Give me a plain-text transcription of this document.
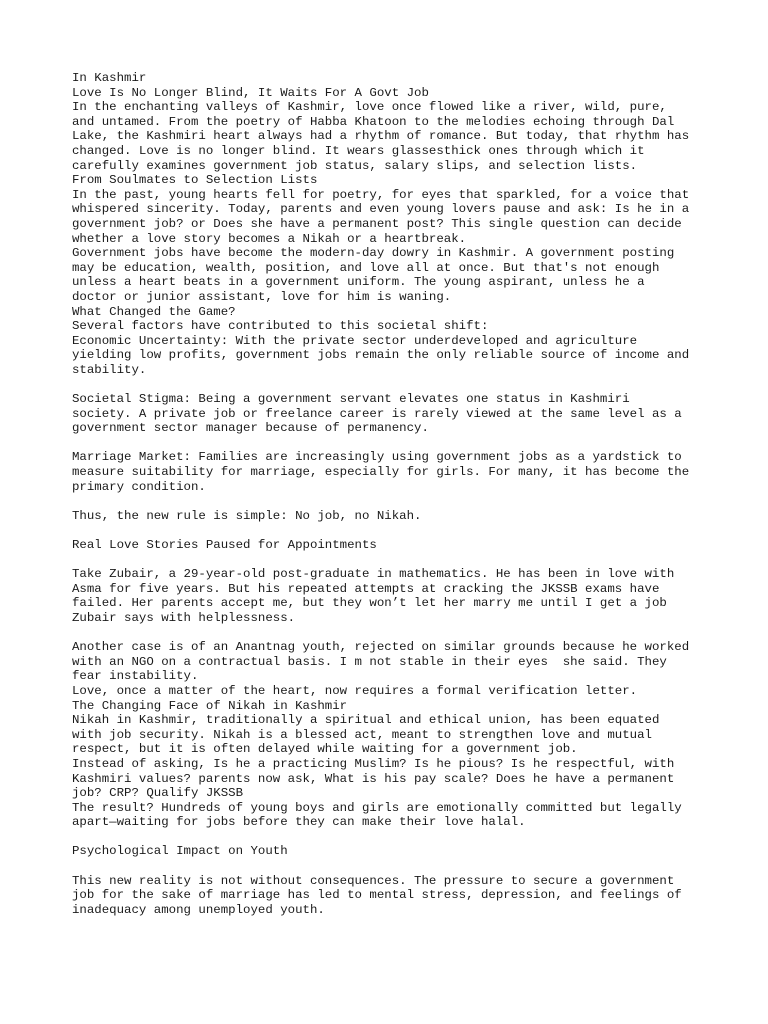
In Kashmir
Love Is No Longer Blind, It Waits For A Govt Job
In the enchanting valleys of Kashmir, love once flowed like a river, wild, pure,
and untamed. From the poetry of Habba Khatoon to the melodies echoing through Dal
Lake, the Kashmiri heart always had a rhythm of romance. But today, that rhythm has
changed. Love is no longer blind. It wears glassesthick ones through which it
carefully examines government job status, salary slips, and selection lists.
From Soulmates to Selection Lists
In the past, young hearts fell for poetry, for eyes that sparkled, for a voice that
whispered sincerity. Today, parents and even young lovers pause and ask: Is he in a
government job? or Does she have a permanent post? This single question can decide
whether a love story becomes a Nikah or a heartbreak.
Government jobs have become the modern-day dowry in Kashmir. A government posting
may be education, wealth, position, and love all at once. But that's not enough
unless a heart beats in a government uniform. The young aspirant, unless he a
doctor or junior assistant, love for him is waning.
What Changed the Game?
Several factors have contributed to this societal shift:
Economic Uncertainty: With the private sector underdeveloped and agriculture
yielding low profits, government jobs remain the only reliable source of income and
stability.
Societal Stigma: Being a government servant elevates one status in Kashmiri
society. A private job or freelance career is rarely viewed at the same level as a
government sector manager because of permanency.
Marriage Market: Families are increasingly using government jobs as a yardstick to
measure suitability for marriage, especially for girls. For many, it has become the
primary condition.
Thus, the new rule is simple: No job, no Nikah.
Real Love Stories Paused for Appointments
Take Zubair, a 29-year-old post-graduate in mathematics. He has been in love with
Asma for five years. But his repeated attempts at cracking the JKSSB exams have
failed. Her parents accept me, but they won’t let her marry me until I get a job
Zubair says with helplessness.
Another case is of an Anantnag youth, rejected on similar grounds because he worked
with an NGO on a contractual basis. I m not stable in their eyes  she said. They
fear instability.
Love, once a matter of the heart, now requires a formal verification letter.
The Changing Face of Nikah in Kashmir
Nikah in Kashmir, traditionally a spiritual and ethical union, has been equated
with job security. Nikah is a blessed act, meant to strengthen love and mutual
respect, but it is often delayed while waiting for a government job.
Instead of asking, Is he a practicing Muslim? Is he pious? Is he respectful, with
Kashmiri values? parents now ask, What is his pay scale? Does he have a permanent
job? CRP? Qualify JKSSB
The result? Hundreds of young boys and girls are emotionally committed but legally
apart—waiting for jobs before they can make their love halal.
Psychological Impact on Youth
This new reality is not without consequences. The pressure to secure a government
job for the sake of marriage has led to mental stress, depression, and feelings of
inadequacy among unemployed youth.
